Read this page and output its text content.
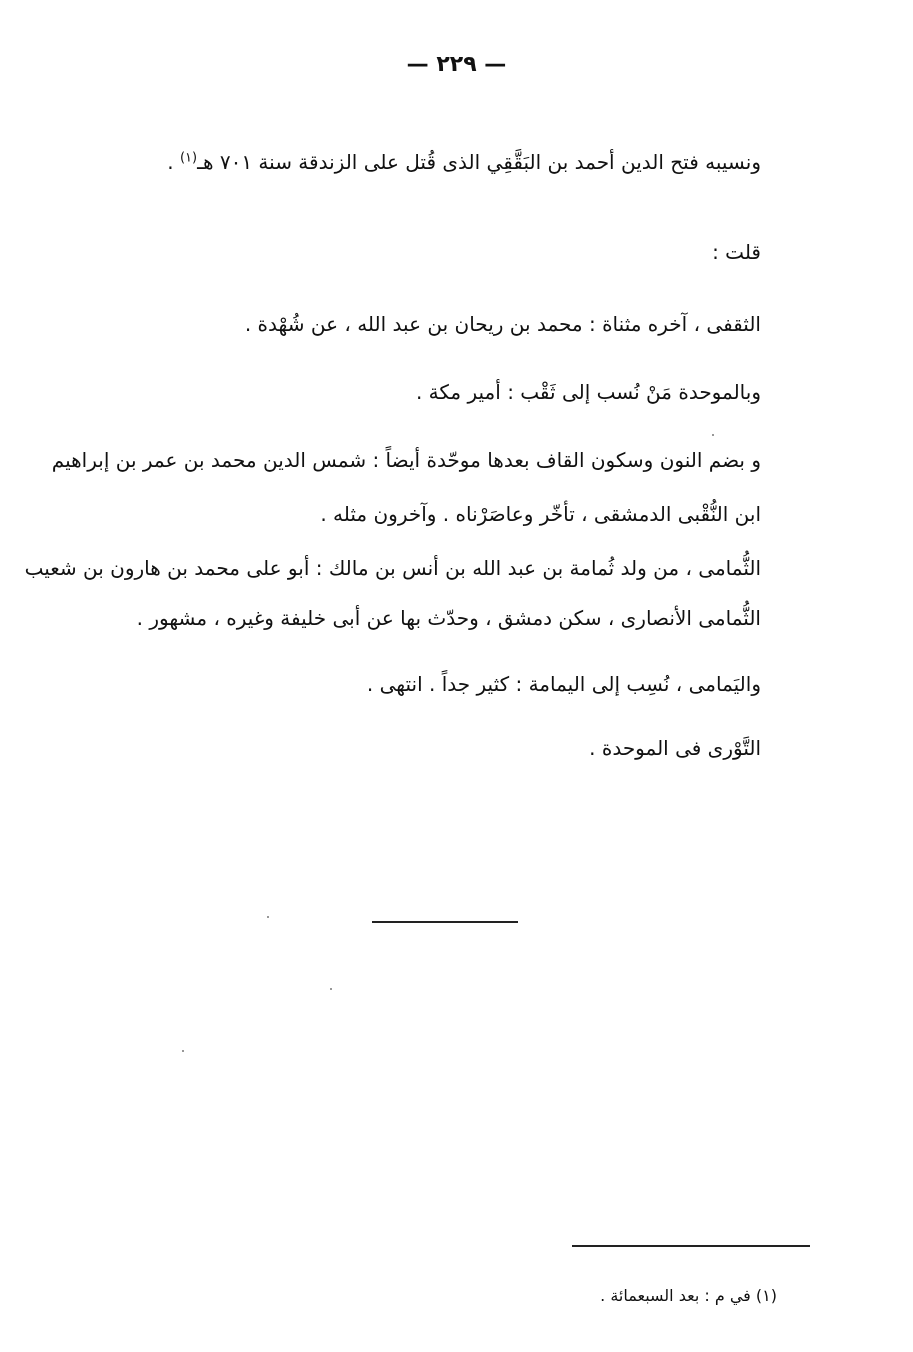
— ٢٢٩ —
ونسيبه فتح الدين أحمد بن البَقَّقِي الذى قُتل على الزندقة سنة ٧٠١ هـ$^{(١)}$ .
قلت :
الثقفى ، آخره مثناة : محمد بن ريحان بن عبد الله ، عن شُهْدة .
وبالموحدة مَنْ نُسب إلى ثَقْب : أمير مكة .
و بضم النون وسكون القاف بعدها موحّدة أيضاً : شمس الدين محمد بن عمر بن إبراهيم
ابن النُّقْبى الدمشقى ، تأخّر وعاصَرْناه . وآخرون مثله .
الثُّمامى ، من ولد ثُمامة بن عبد الله بن أنس بن مالك : أبو على محمد بن هارون بن شعيب
الثُّمامى الأنصارى ، سكن دمشق ، وحدّث بها عن أبى خليفة وغيره ، مشهور .
واليَمامى ، نُسِب إلى اليمامة : كثير جداً . انتهى .
التَّوْرى فى الموحدة .
(١) في م : بعد السبعمائة .
